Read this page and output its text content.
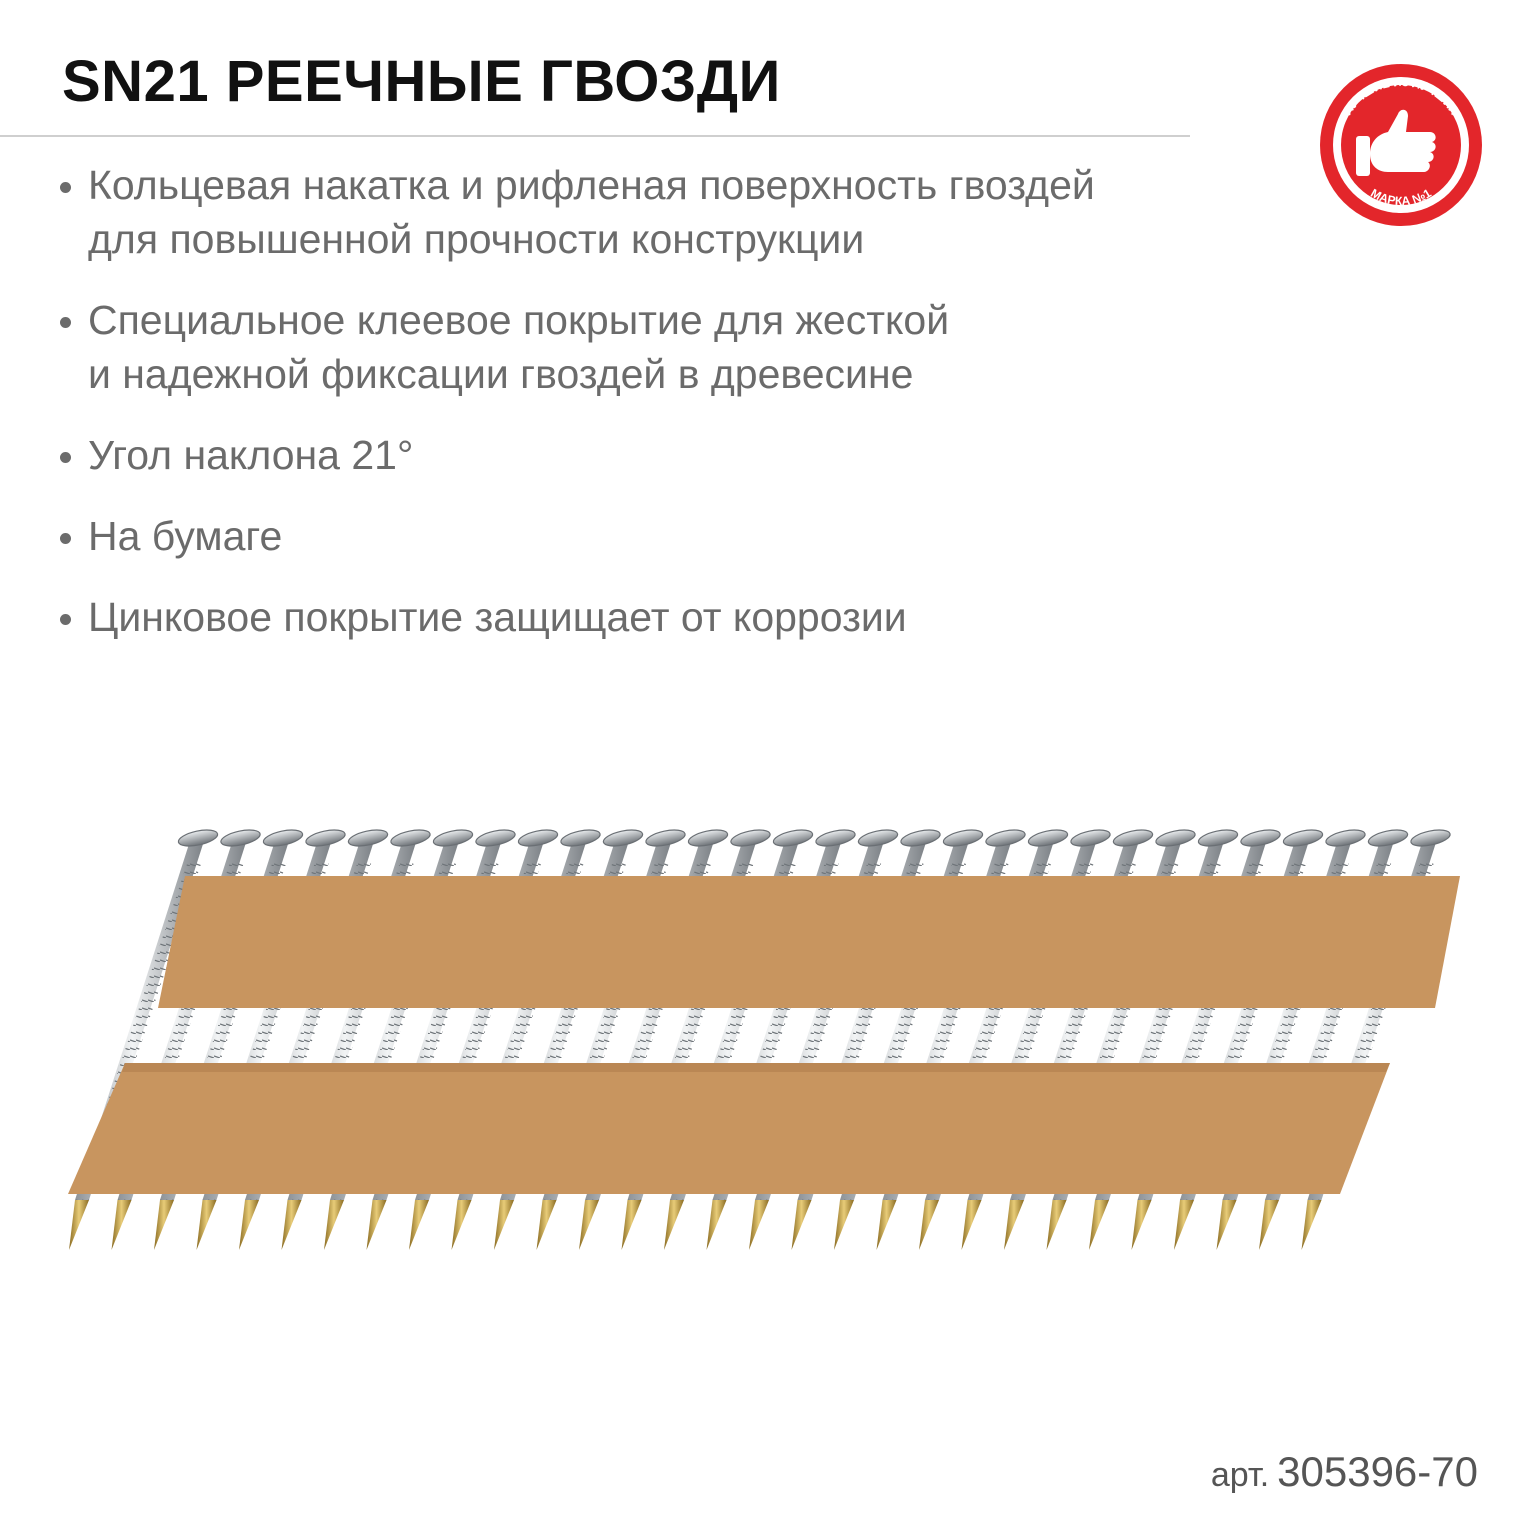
SN21 РЕЕЧНЫЕ ГВОЗДИ
Кольцевая накатка и рифленая поверхность гвоздей
для повышенной прочности конструкции
Специальное клеевое покрытие для жесткой
и надежной фиксации гвоздей в древесине
Угол наклона 21°
На бумаге
Цинковое покрытие защищает от коррозии
ЛУЧШИЕ ИЗ ЛУЧШИХ
МАРКА №1
арт. 305396-70
